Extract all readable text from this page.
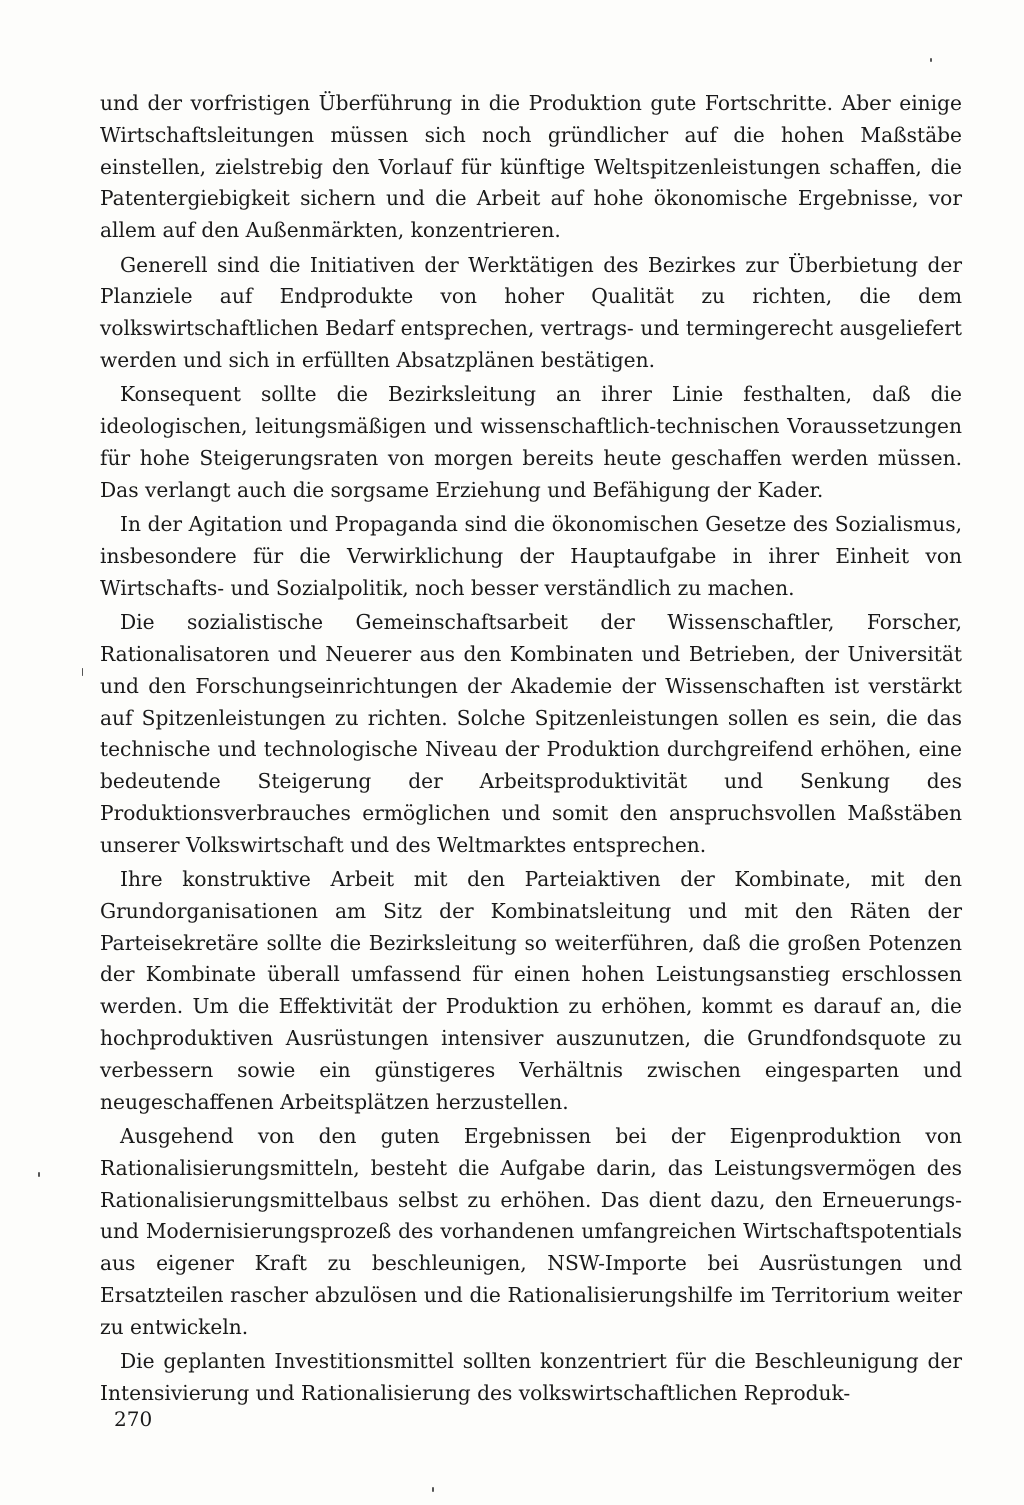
und der vorfristigen Überführung in die Produktion gute Fortschritte. Aber einige Wirtschaftsleitungen müssen sich noch gründlicher auf die hohen Maßstäbe einstellen, zielstrebig den Vorlauf für künftige Weltspitzenleistungen schaffen, die Patentergiebigkeit sichern und die Arbeit auf hohe ökonomische Ergebnisse, vor allem auf den Außenmärkten, konzentrieren.

Generell sind die Initiativen der Werktätigen des Bezirkes zur Überbietung der Planziele auf Endprodukte von hoher Qualität zu richten, die dem volkswirtschaftlichen Bedarf entsprechen, vertrags- und termingerecht ausgeliefert werden und sich in erfüllten Absatzplänen bestätigen.

Konsequent sollte die Bezirksleitung an ihrer Linie festhalten, daß die ideologischen, leitungsmäßigen und wissenschaftlich-technischen Voraussetzungen für hohe Steigerungsraten von morgen bereits heute geschaffen werden müssen. Das verlangt auch die sorgsame Erziehung und Befähigung der Kader.

In der Agitation und Propaganda sind die ökonomischen Gesetze des Sozialismus, insbesondere für die Verwirklichung der Hauptaufgabe in ihrer Einheit von Wirtschafts- und Sozialpolitik, noch besser verständlich zu machen.

Die sozialistische Gemeinschaftsarbeit der Wissenschaftler, Forscher, Rationalisatoren und Neuerer aus den Kombinaten und Betrieben, der Universität und den Forschungseinrichtungen der Akademie der Wissenschaften ist verstärkt auf Spitzenleistungen zu richten. Solche Spitzenleistungen sollen es sein, die das technische und technologische Niveau der Produktion durchgreifend erhöhen, eine bedeutende Steigerung der Arbeitsproduktivität und Senkung des Produktionsverbrauches ermöglichen und somit den anspruchsvollen Maßstäben unserer Volkswirtschaft und des Weltmarktes entsprechen.

Ihre konstruktive Arbeit mit den Parteiaktiven der Kombinate, mit den Grundorganisationen am Sitz der Kombinatsleitung und mit den Räten der Parteisekretäre sollte die Bezirksleitung so weiterführen, daß die großen Potenzen der Kombinate überall umfassend für einen hohen Leistungsanstieg erschlossen werden. Um die Effektivität der Produktion zu erhöhen, kommt es darauf an, die hochproduktiven Ausrüstungen intensiver auszunutzen, die Grundfondsquote zu verbessern sowie ein günstigeres Verhältnis zwischen eingesparten und neugeschaffenen Arbeitsplätzen herzustellen.

Ausgehend von den guten Ergebnissen bei der Eigenproduktion von Rationalisierungsmitteln, besteht die Aufgabe darin, das Leistungsvermögen des Rationalisierungsmittelbaus selbst zu erhöhen. Das dient dazu, den Erneuerungs- und Modernisierungsprozeß des vorhandenen umfangreichen Wirtschaftspotentials aus eigener Kraft zu beschleunigen, NSW-Importe bei Ausrüstungen und Ersatzteilen rascher abzulösen und die Rationalisierungshilfe im Territorium weiter zu entwickeln.

Die geplanten Investitionsmittel sollten konzentriert für die Beschleunigung der Intensivierung und Rationalisierung des volkswirtschaftlichen Reproduk-

270
